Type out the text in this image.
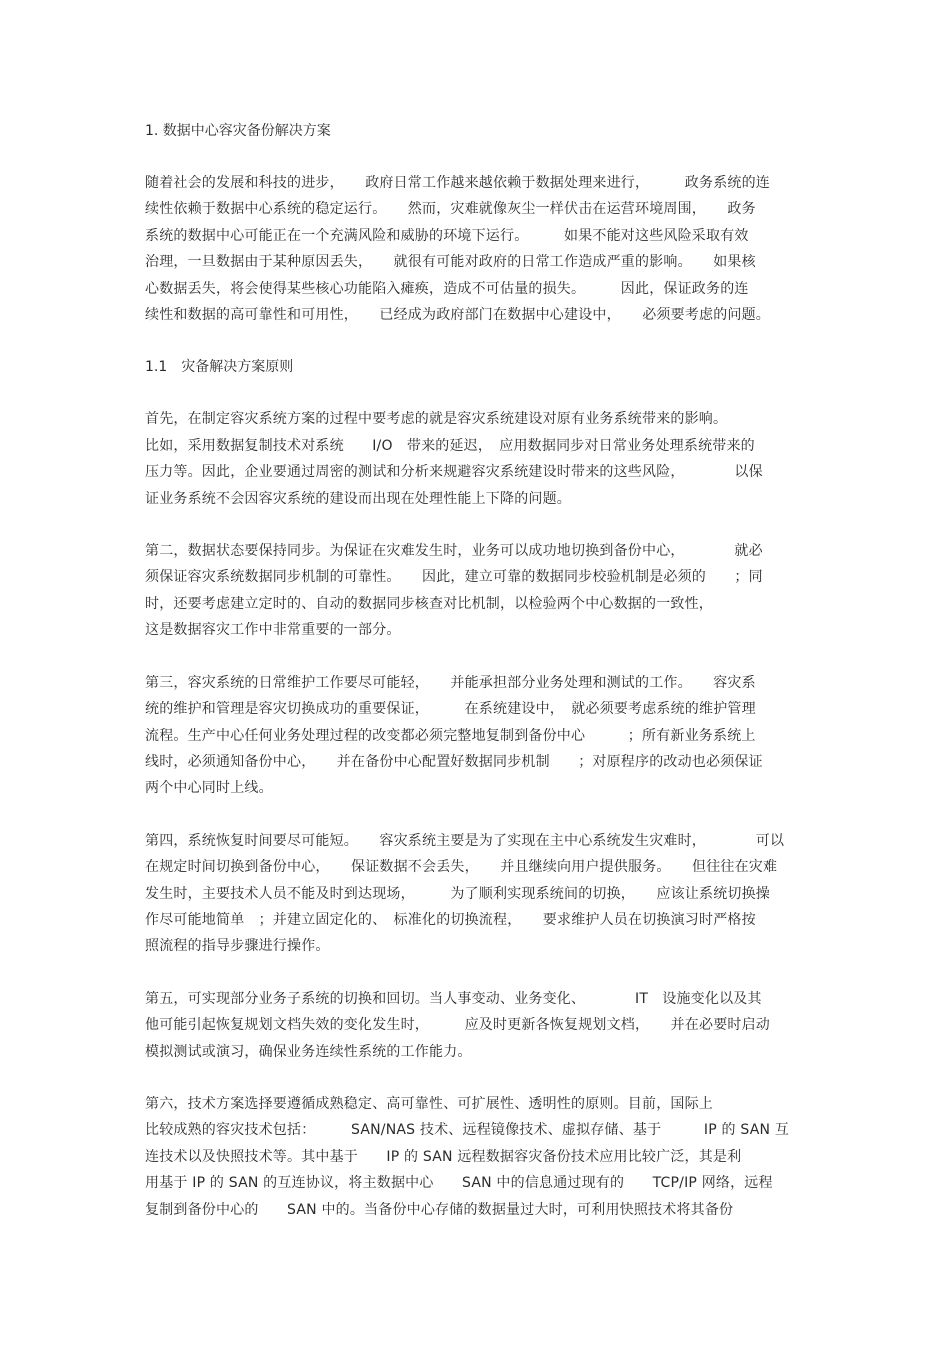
1. 数据中心容灾备份解决方案

随着社会的发展和科技的进步，　　政府日常工作越来越依赖于数据处理来进行，　　　政务系统的连
续性依赖于数据中心系统的稳定运行。　　然而，灾难就像灰尘一样伏击在运营环境周围，　　政务
系统的数据中心可能正在一个充满风险和威胁的环境下运行。　　　如果不能对这些风险采取有效
治理，一旦数据由于某种原因丢失，　　就很有可能对政府的日常工作造成严重的影响。　　如果核
心数据丢失，将会使得某些核心功能陷入瘫痪，造成不可估量的损失。　　　因此，保证政务的连
续性和数据的高可靠性和可用性，　　已经成为政府部门在数据中心建设中，　　必须要考虑的问题。

1.1　灾备解决方案原则

首先，在制定容灾系统方案的过程中要考虑的就是容灾系统建设对原有业务系统带来的影响。
比如，采用数据复制技术对系统　　I/O　带来的延迟，　应用数据同步对日常业务处理系统带来的
压力等。因此，企业要通过周密的测试和分析来规避容灾系统建设时带来的这些风险，　　　　以保
证业务系统不会因容灾系统的建设而出现在处理性能上下降的问题。
第二，数据状态要保持同步。为保证在灾难发生时，业务可以成功地切换到备份中心，　　　　就必
须保证容灾系统数据同步机制的可靠性。　　因此，建立可靠的数据同步校验机制是必须的　　；同
时，还要考虑建立定时的、自动的数据同步核查对比机制，以检验两个中心数据的一致性，
这是数据容灾工作中非常重要的一部分。
第三，容灾系统的日常维护工作要尽可能轻，　　并能承担部分业务处理和测试的工作。　　容灾系
统的维护和管理是容灾切换成功的重要保证，　　　在系统建设中，　就必须要考虑系统的维护管理
流程。生产中心任何业务处理过程的改变都必须完整地复制到备份中心　　　；所有新业务系统上
线时，必须通知备份中心，　　并在备份中心配置好数据同步机制　　；对原程序的改动也必须保证
两个中心同时上线。
第四，系统恢复时间要尽可能短。　　容灾系统主要是为了实现在主中心系统发生灾难时，　　　　可以
在规定时间切换到备份中心，　　保证数据不会丢失，　　并且继续向用户提供服务。　　但往往在灾难
发生时，主要技术人员不能及时到达现场，　　　为了顺利实现系统间的切换，　　应该让系统切换操
作尽可能地简单　；并建立固定化的、　标准化的切换流程，　　要求维护人员在切换演习时严格按
照流程的指导步骤进行操作。
第五，可实现部分业务子系统的切换和回切。当人事变动、业务变化、　　　　IT　设施变化以及其
他可能引起恢复规划文档失效的变化发生时，　　　应及时更新各恢复规划文档，　　并在必要时启动
模拟测试或演习，确保业务连续性系统的工作能力。
第六，技术方案选择要遵循成熟稳定、高可靠性、可扩展性、透明性的原则。目前，国际上
比较成熟的容灾技术包括：　　　SAN/NAS 技术、远程镜像技术、虚拟存储、基于　　　IP 的 SAN 互
连技术以及快照技术等。其中基于　　IP 的 SAN 远程数据容灾备份技术应用比较广泛，其是利
用基于 IP 的 SAN 的互连协议，将主数据中心　　SAN 中的信息通过现有的　　TCP/IP 网络，远程
复制到备份中心的　　SAN 中的。当备份中心存储的数据量过大时，可利用快照技术将其备份
